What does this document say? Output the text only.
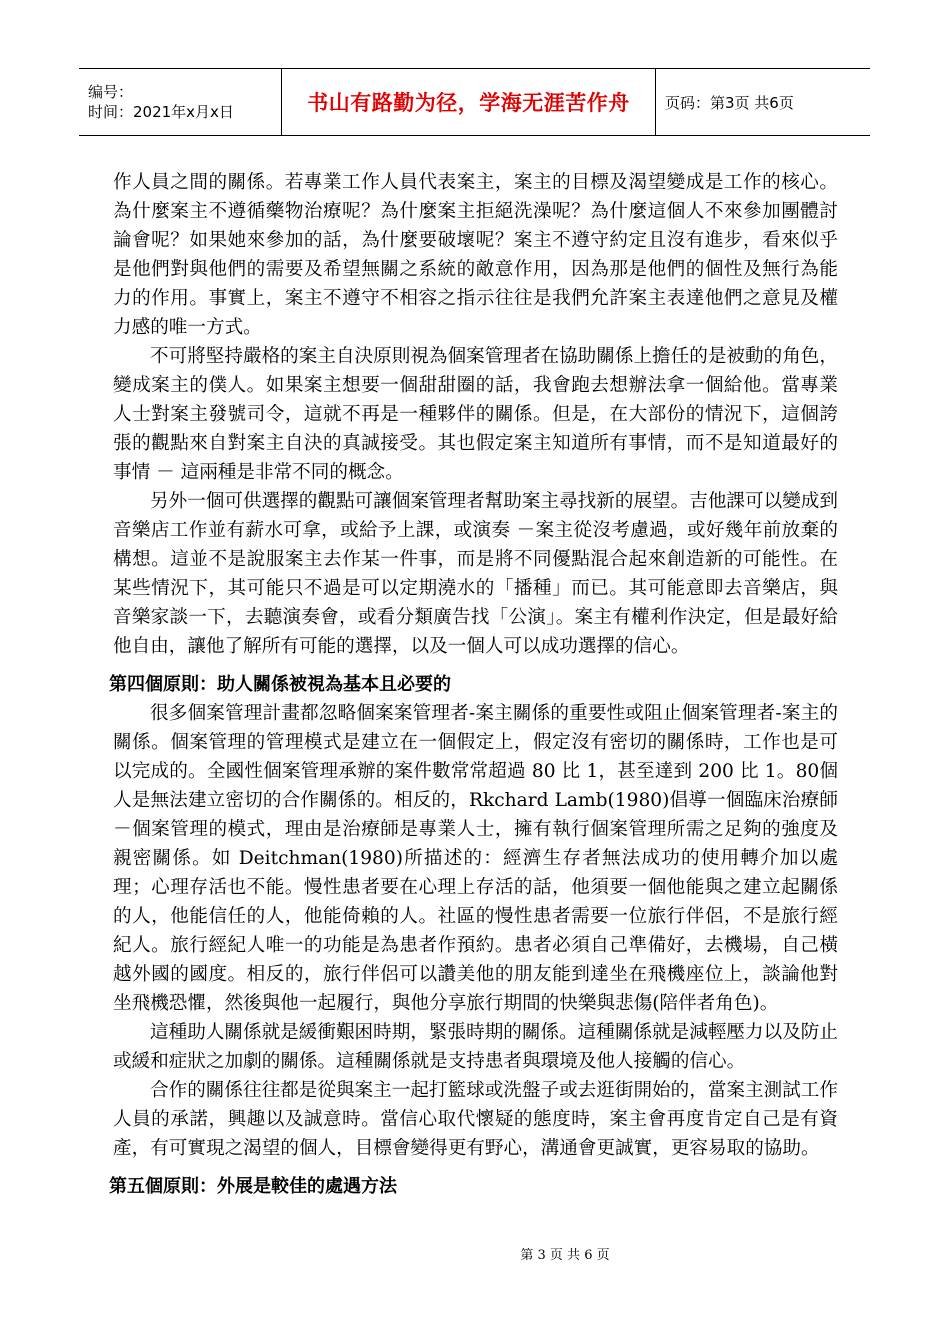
编号：
时间：2021年x月x日	书山有路勤为径，学海无涯苦作舟	页码：第3页 共6页

作人員之間的關係。若專業工作人員代表案主，案主的目標及渴望變成是工作的核心。為什麼案主不遵循藥物治療呢？為什麼案主拒絕洗澡呢？為什麼這個人不來參加團體討論會呢？如果她來參加的話，為什麼要破壞呢？案主不遵守約定且沒有進步，看來似乎是他們對與他們的需要及希望無關之系統的敵意作用，因為那是他們的個性及無行為能力的作用。事實上，案主不遵守不相容之指示往往是我們允許案主表達他們之意見及權力感的唯一方式。

不可將堅持嚴格的案主自決原則視為個案管理者在協助關係上擔任的是被動的角色，變成案主的僕人。如果案主想要一個甜甜圈的話，我會跑去想辦法拿一個給他。當專業人士對案主發號司令，這就不再是一種夥伴的關係。但是，在大部份的情況下，這個誇張的觀點來自對案主自決的真誠接受。其也假定案主知道所有事情，而不是知道最好的事情 － 這兩種是非常不同的概念。

另外一個可供選擇的觀點可讓個案管理者幫助案主尋找新的展望。吉他課可以變成到音樂店工作並有薪水可拿，或給予上課，或演奏 －案主從沒考慮過，或好幾年前放棄的構想。這並不是說服案主去作某一件事，而是將不同優點混合起來創造新的可能性。在某些情況下，其可能只不過是可以定期澆水的「播種」而已。其可能意即去音樂店，與音樂家談一下，去聽演奏會，或看分類廣告找「公演」。案主有權利作決定，但是最好給他自由，讓他了解所有可能的選擇，以及一個人可以成功選擇的信心。

第四個原則：助人關係被視為基本且必要的

很多個案管理計畫都忽略個案案管理者-案主關係的重要性或阻止個案管理者-案主的關係。個案管理的管理模式是建立在一個假定上，假定沒有密切的關係時，工作也是可以完成的。全國性個案管理承辦的案件數常常超過 80 比 1，甚至達到 200 比 1。80個人是無法建立密切的合作關係的。相反的，Rkchard Lamb(1980)倡導一個臨床治療師－個案管理的模式，理由是治療師是專業人士，擁有執行個案管理所需之足夠的強度及親密關係。如 Deitchman(1980)所描述的：經濟生存者無法成功的使用轉介加以處理；心理存活也不能。慢性患者要在心理上存活的話，他須要一個他能與之建立起關係的人，他能信任的人，他能倚賴的人。社區的慢性患者需要一位旅行伴侶，不是旅行經紀人。旅行經紀人唯一的功能是為患者作預約。患者必須自己準備好，去機場，自己橫越外國的國度。相反的，旅行伴侶可以讚美他的朋友能到達坐在飛機座位上，談論他對坐飛機恐懼，然後與他一起履行，與他分享旅行期間的快樂與悲傷(陪伴者角色)。

這種助人關係就是緩衝艱困時期，緊張時期的關係。這種關係就是減輕壓力以及防止或緩和症狀之加劇的關係。這種關係就是支持患者與環境及他人接觸的信心。

合作的關係往往都是從與案主一起打籃球或洗盤子或去逛街開始的，當案主測試工作人員的承諾，興趣以及誠意時。當信心取代懷疑的態度時，案主會再度肯定自己是有資產，有可實現之渴望的個人，目標會變得更有野心，溝通會更誠實，更容易取的協助。

第五個原則：外展是較佳的處遇方法

第 3 页 共 6 页
